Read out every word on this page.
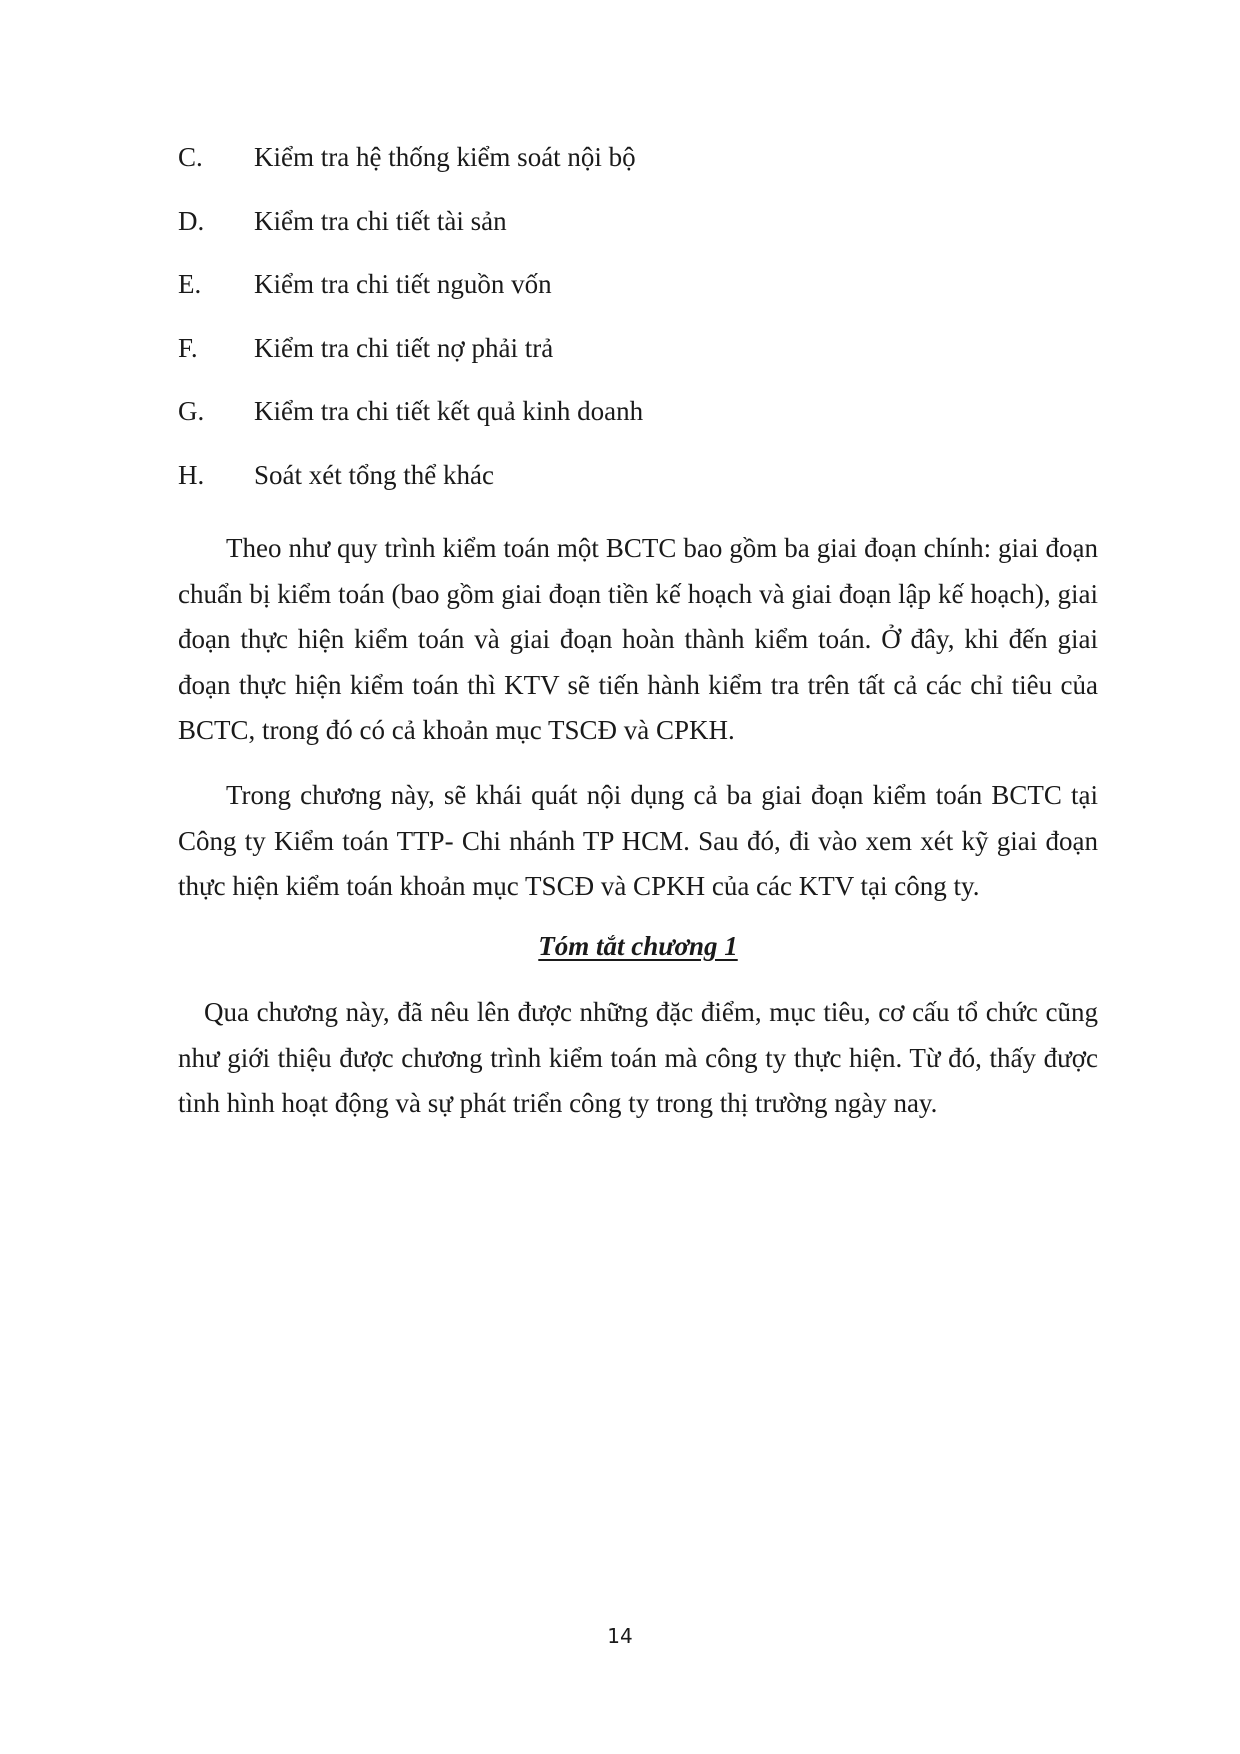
C.	Kiểm tra hệ thống kiểm soát nội bộ
D.	Kiểm tra chi tiết tài sản
E.	Kiểm tra chi tiết nguồn vốn
F.	Kiểm tra chi tiết nợ phải trả
G.	Kiểm tra chi tiết kết quả kinh doanh
H.	Soát xét tổng thể khác

Theo như quy trình kiểm toán một BCTC bao gồm ba giai đoạn chính: giai đoạn chuẩn bị kiểm toán (bao gồm giai đoạn tiền kế hoạch và giai đoạn lập kế hoạch), giai đoạn thực hiện kiểm toán và giai đoạn hoàn thành kiểm toán. Ở đây, khi đến giai đoạn thực hiện kiểm toán thì KTV sẽ tiến hành kiểm tra trên tất cả các chỉ tiêu của BCTC, trong đó có cả khoản mục TSCĐ và CPKH.

Trong chương này, sẽ khái quát nội dụng cả ba giai đoạn kiểm toán BCTC tại Công ty Kiểm toán TTP- Chi nhánh TP HCM. Sau đó, đi vào xem xét kỹ giai đoạn thực hiện kiểm toán khoản mục TSCĐ và CPKH của các KTV tại công ty.

Tóm tắt chương 1

Qua chương này, đã nêu lên được những đặc điểm, mục tiêu, cơ cấu tổ chức cũng như giới thiệu được chương trình kiểm toán mà công ty thực hiện. Từ đó, thấy được tình hình hoạt động và sự phát triển công ty trong thị trường ngày nay.

14
